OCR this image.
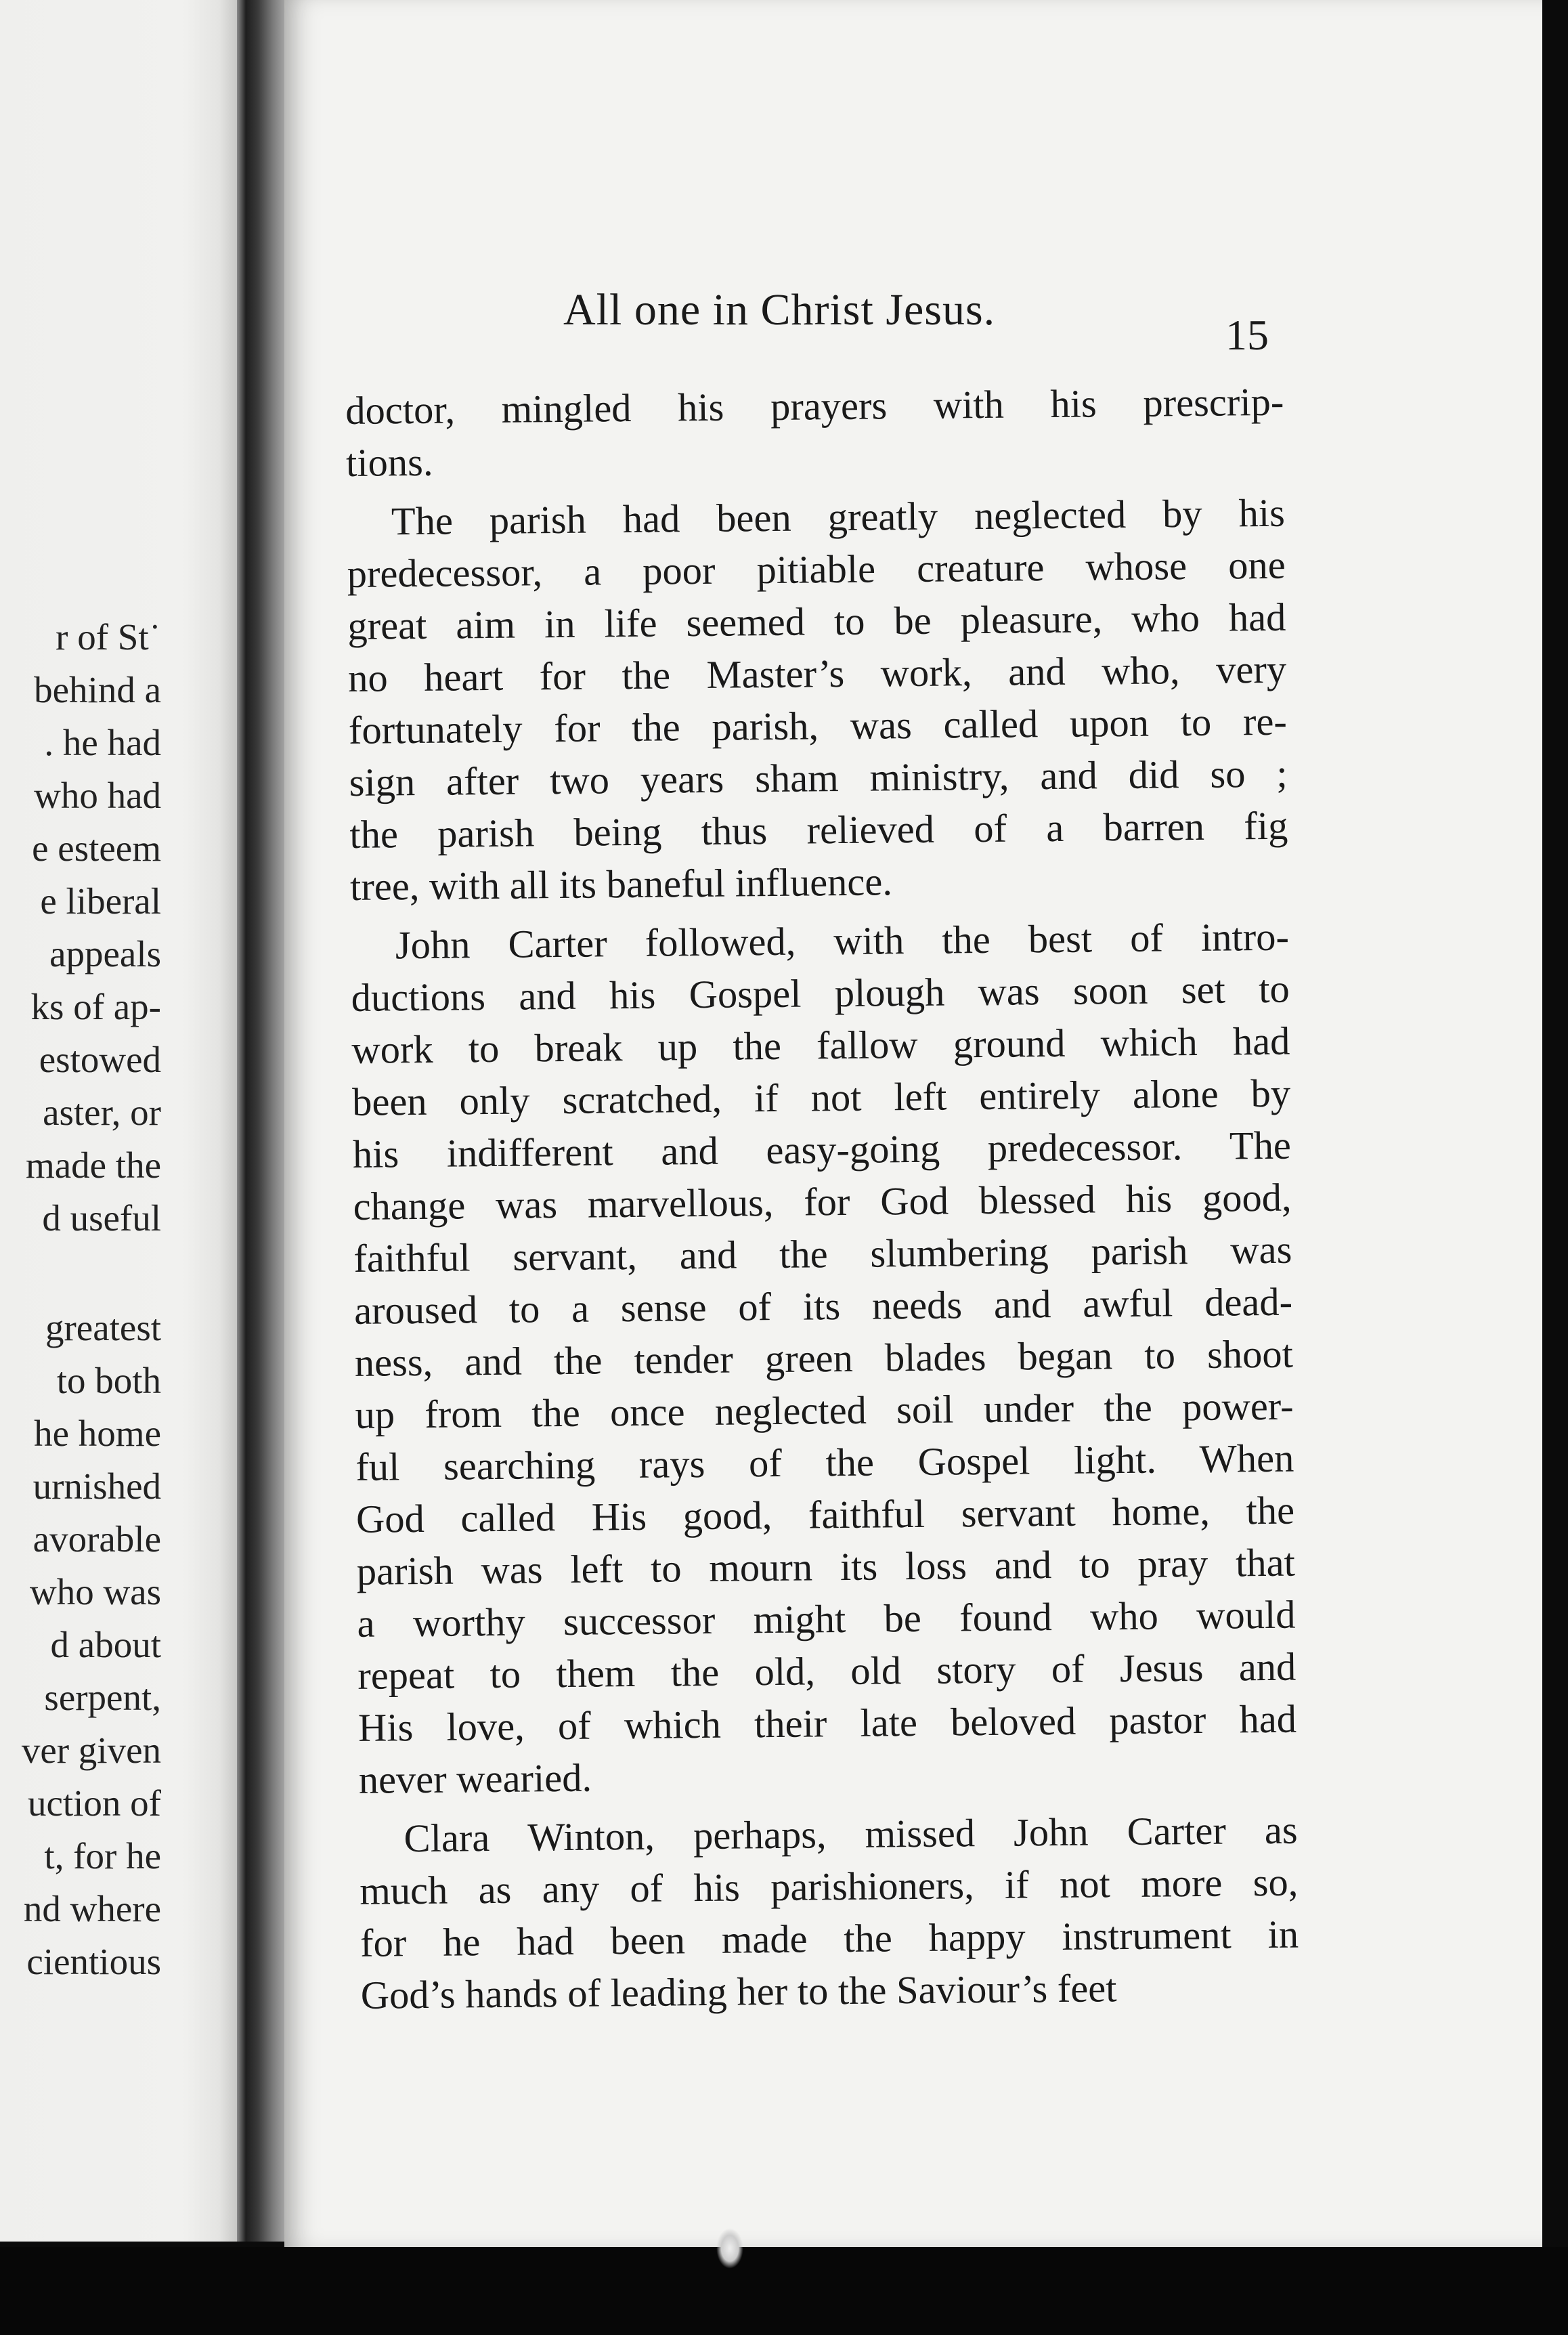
r of St˙
behind a
. he had
who had
e esteem
e liberal
appeals
ks of ap-
estowed
aster, or
made the
d useful
greatest
to both
he home
urnished
avorable
who was
d about
serpent,
ver given
uction of
t, for he
nd where
cientious
All one in Christ Jesus.
15
doctor, mingled his prayers with his prescrip-
tions.
The parish had been greatly neglected by his
predecessor, a poor pitiable creature whose one
great aim in life seemed to be pleasure, who had
no heart for the Master’s work, and who, very
fortunately for the parish, was called upon to re-
sign after two years sham ministry, and did so ;
the parish being thus relieved of a barren fig
tree, with all its baneful influence.
John Carter followed, with the best of intro-
ductions and his Gospel plough was soon set to
work to break up the fallow ground which had
been only scratched, if not left entirely alone by
his indifferent and easy-going predecessor. The
change was marvellous, for God blessed his good,
faithful servant, and the slumbering parish was
aroused to a sense of its needs and awful dead-
ness, and the tender green blades began to shoot
up from the once neglected soil under the power-
ful searching rays of the Gospel light. When
God called His good, faithful servant home, the
parish was left to mourn its loss and to pray that
a worthy successor might be found who would
repeat to them the old, old story of Jesus and
His love, of which their late beloved pastor had
never wearied.
Clara Winton, perhaps, missed John Carter as
much as any of his parishioners, if not more so,
for he had been made the happy instrument in
God’s hands of leading her to the Saviour’s feet
